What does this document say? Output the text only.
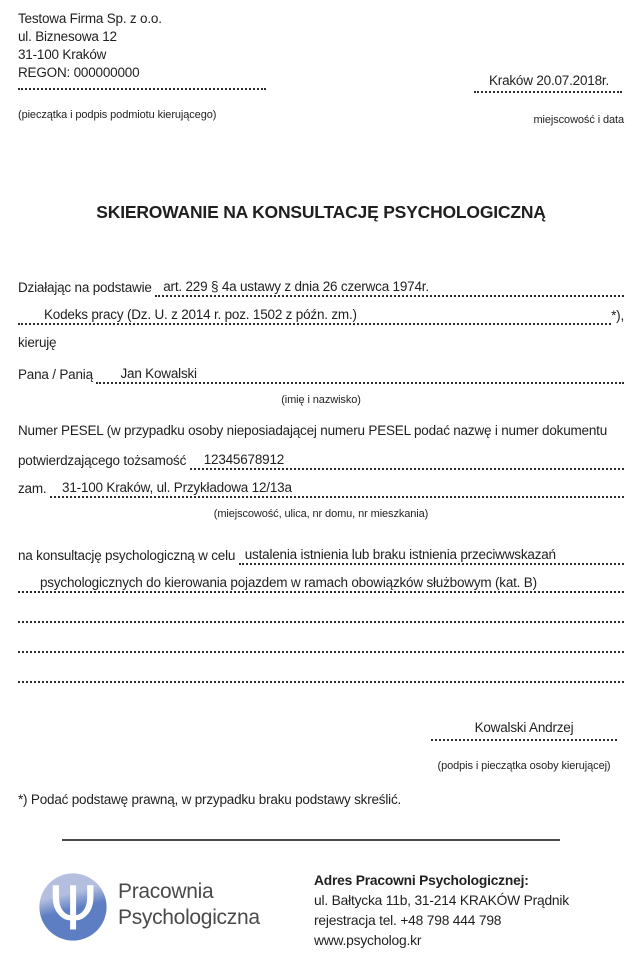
Testowa Firma Sp. z o.o.
ul. Biznesowa 12
31-100 Kraków
REGON: 000000000
(pieczątka i podpis podmiotu kierującego)
Kraków 20.07.2018r.
miejscowość i data
SKIEROWANIE NA KONSULTACJĘ PSYCHOLOGICZNĄ
Działając na podstawie art. 229 § 4a ustawy z dnia 26 czerwca 1974r.
Kodeks pracy (Dz. U. z 2014 r. poz. 1502 z późn. zm.)	*),
kieruję
Pana / Panią Jan Kowalski
(imię i nazwisko)
Numer PESEL (w przypadku osoby nieposiadającej numeru PESEL podać nazwę i numer dokumentu
potwierdzającego tożsamość 12345678912
zam. 31-100 Kraków, ul. Przykładowa 12/13a
(miejscowość, ulica, nr domu, nr mieszkania)
na konsultację psychologiczną w celu ustalenia istnienia lub braku istnienia przeciwwskazań
psychologicznych do kierowania pojazdem w ramach obowiązków służbowym (kat. B)
Kowalski Andrzej
(podpis i pieczątka osoby kierującej)
*) Podać podstawę prawną, w przypadku braku podstawy skreślić.
Ψ Pracownia
Psychologiczna
Adres Pracowni Psychologicznej:
ul. Bałtycka 11b, 31-214 KRAKÓW Prądnik
rejestracja tel. +48 798 444 798
www.psycholog.kr
